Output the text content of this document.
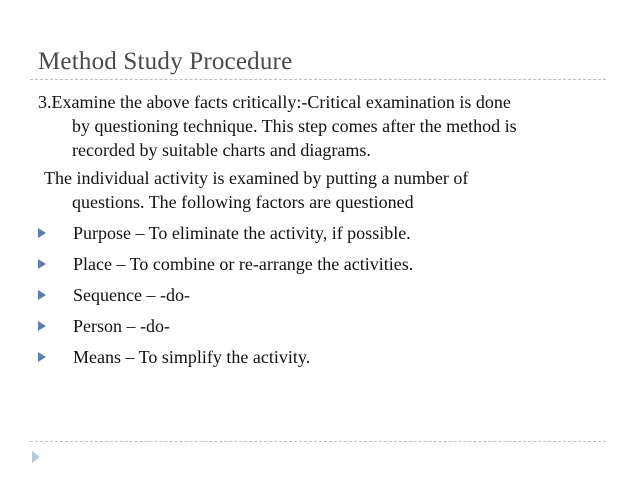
Method Study Procedure
3.Examine the above facts critically:-Critical examination is done
by questioning technique. This step comes after the method is
recorded by suitable charts and diagrams.
The individual activity is examined by putting a number of
questions. The following factors are questioned
Purpose – To eliminate the activity, if possible.
Place – To combine or re-arrange the activities.
Sequence – -do-
Person – -do-
Means – To simplify the activity.
